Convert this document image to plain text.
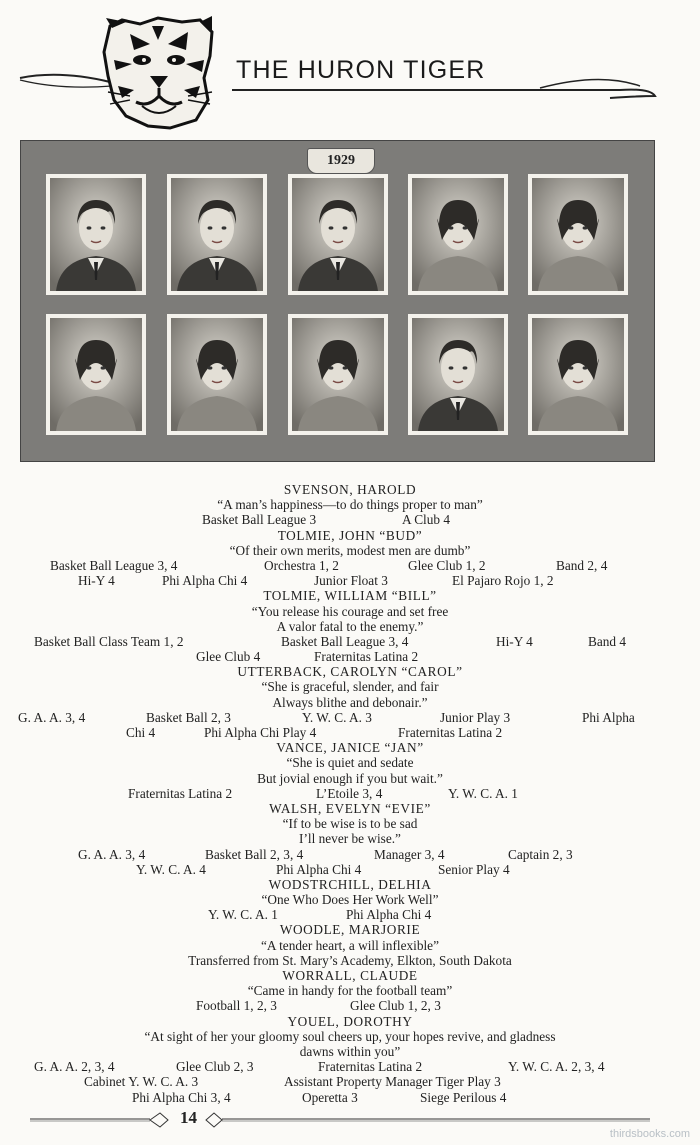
THE HURON TIGER
1929
SVENSON, HAROLD
“A man’s happiness—to do things proper to man”
Basket Ball League 3	A Club 4
TOLMIE, JOHN “BUD”
“Of their own merits, modest men are dumb”
Basket Ball League 3, 4	Orchestra 1, 2	Glee Club 1, 2	Band 2, 4
Hi-Y 4	Phi Alpha Chi 4	Junior Float 3	El Pajaro Rojo 1, 2
TOLMIE, WILLIAM “BILL”
“You release his courage and set free
A valor fatal to the enemy.”
Basket Ball Class Team 1, 2	Basket Ball League 3, 4	Hi-Y 4	Band 4
Glee Club 4	Fraternitas Latina 2
UTTERBACK, CAROLYN “CAROL”
“She is graceful, slender, and fair
Always blithe and debonair.”
G. A. A. 3, 4	Basket Ball 2, 3	Y. W. C. A. 3	Junior Play 3	Phi Alpha
Chi 4	Phi Alpha Chi Play 4	Fraternitas Latina 2
VANCE, JANICE “JAN”
“She is quiet and sedate
But jovial enough if you but wait.”
Fraternitas Latina 2	L’Etoile 3, 4	Y. W. C. A. 1
WALSH, EVELYN “EVIE”
“If to be wise is to be sad
I’ll never be wise.”
G. A. A. 3, 4	Basket Ball 2, 3, 4	Manager 3, 4	Captain 2, 3
Y. W. C. A. 4	Phi Alpha Chi 4	Senior Play 4
WODSTRCHILL, DELHIA
“One Who Does Her Work Well”
Y. W. C. A. 1	Phi Alpha Chi 4
WOODLE, MARJORIE
“A tender heart, a will inflexible”
Transferred from St. Mary’s Academy, Elkton, South Dakota
WORRALL, CLAUDE
“Came in handy for the football team”
Football 1, 2, 3	Glee Club 1, 2, 3
YOUEL, DOROTHY
“At sight of her your gloomy soul cheers up, your hopes revive, and gladness
dawns within you”
G. A. A. 2, 3, 4	Glee Club 2, 3	Fraternitas Latina 2	Y. W. C. A. 2, 3, 4
Cabinet Y. W. C. A. 3	Assistant Property Manager Tiger Play 3
Phi Alpha Chi 3, 4	Operetta 3	Siege Perilous 4
14
thirdsbooks.com
